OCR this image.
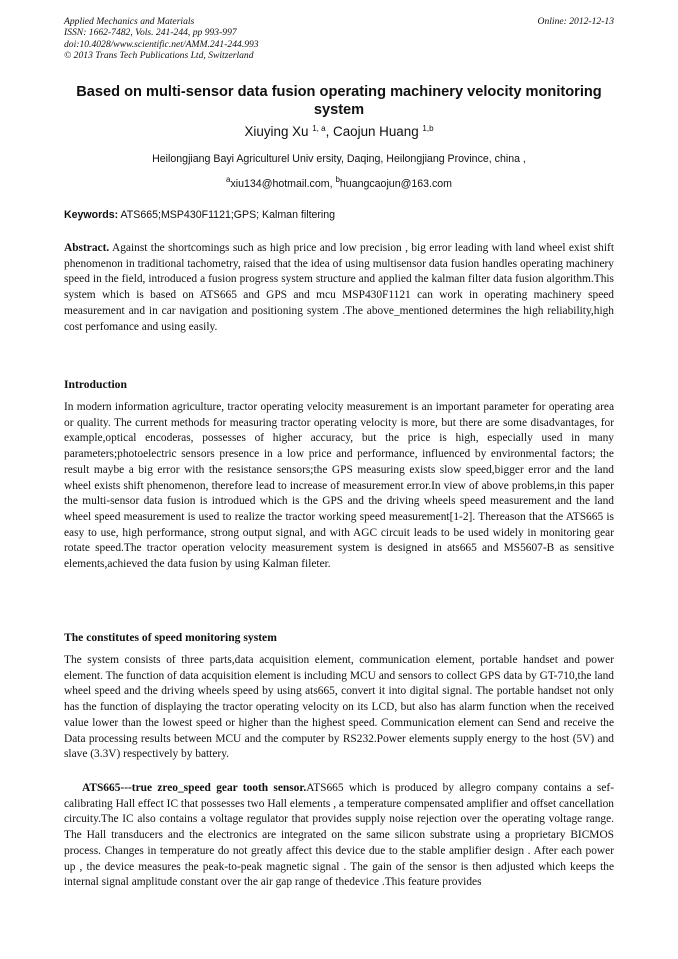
Applied Mechanics and Materials
ISSN: 1662-7482, Vols. 241-244, pp 993-997
doi:10.4028/www.scientific.net/AMM.241-244.993
© 2013 Trans Tech Publications Ltd, Switzerland
Online: 2012-12-13
Based on multi-sensor data fusion operating machinery velocity monitoring system
Xiuying Xu $^{1, a}$, Caojun Huang $^{1,b}$
Heilongjiang Bayi Agriculturel Univ ersity, Daqing, Heilongjiang Province, china ,
$^a$xiu134@hotmail.com, $^b$huangcaojun@163.com
Keywords: ATS665;MSP430F1121;GPS; Kalman filtering
Abstract. Against the shortcomings such as high price and low precision , big error leading with land wheel exist shift phenomenon in traditional tachometry, raised that the idea of using multisensor data fusion handles operating machinery speed in the field, introduced a fusion progress system structure and applied the kalman filter data fusion algorithm.This system which is based on ATS665 and GPS and mcu MSP430F1121 can work in operating machinery speed measurement and in car navigation and positioning system .The above_mentioned determines the high reliability,high cost perfomance and using easily.
Introduction
In modern information agriculture, tractor operating velocity measurement is an important parameter for operating area or quality. The current methods for measuring tractor operating velocity is more, but there are some disadvantages, for example,optical encoderas, possesses of higher accuracy, but the price is high, especially used in many parameters;photoelectric sensors presence in a low price and performance, influenced by environmental factors; the result maybe a big error with the resistance sensors;the GPS measuring exists slow speed,bigger error and the land wheel exists shift phenomenon, therefore lead to increase of measurement error.In view of above problems,in this paper the multi-sensor data fusion is introdued which is the GPS and the driving wheels speed measurement and the land wheel speed measurement is used to realize the tractor working speed measurement[1-2]. Thereason that the ATS665 is easy to use, high performance, strong output signal, and with AGC circuit leads to be used widely in monitoring gear rotate speed.The tractor operation velocity measurement system is designed in ats665 and MS5607-B as sensitive elements,achieved the data fusion by using Kalman fileter.
The constitutes of speed monitoring system
The system consists of three parts,data acquisition element, communication element, portable handset and power element. The function of data acquisition element is including MCU and sensors to collect GPS data by GT-710,the land wheel speed and the driving wheels speed by using ats665, convert it into digital signal. The portable handset not only has the function of displaying the tractor operating velocity on its LCD, but also has alarm function when the received value lower than the lowest speed or higher than the highest speed. Communication element can Send and receive the Data processing results between MCU and the computer by RS232.Power elements supply energy to the host (5V) and slave (3.3V) respectively by battery.
ATS665---true zreo_speed gear tooth sensor.ATS665 which is produced by allegro company contains a sef-calibrating Hall effect IC that possesses two Hall elements , a temperature compensated amplifier and offset cancellation circuity.The IC also contains a voltage regulator that provides supply noise rejection over the operating voltage range. The Hall transducers and the electronics are integrated on the same silicon substrate using a proprietary BICMOS process. Changes in temperature do not greatly affect this device due to the stable amplifier design . After each power up , the device measures the peak-to-peak magnetic signal . The gain of the sensor is then adjusted which keeps the internal signal amplitude constant over the air gap range of thedevice .This feature provides
